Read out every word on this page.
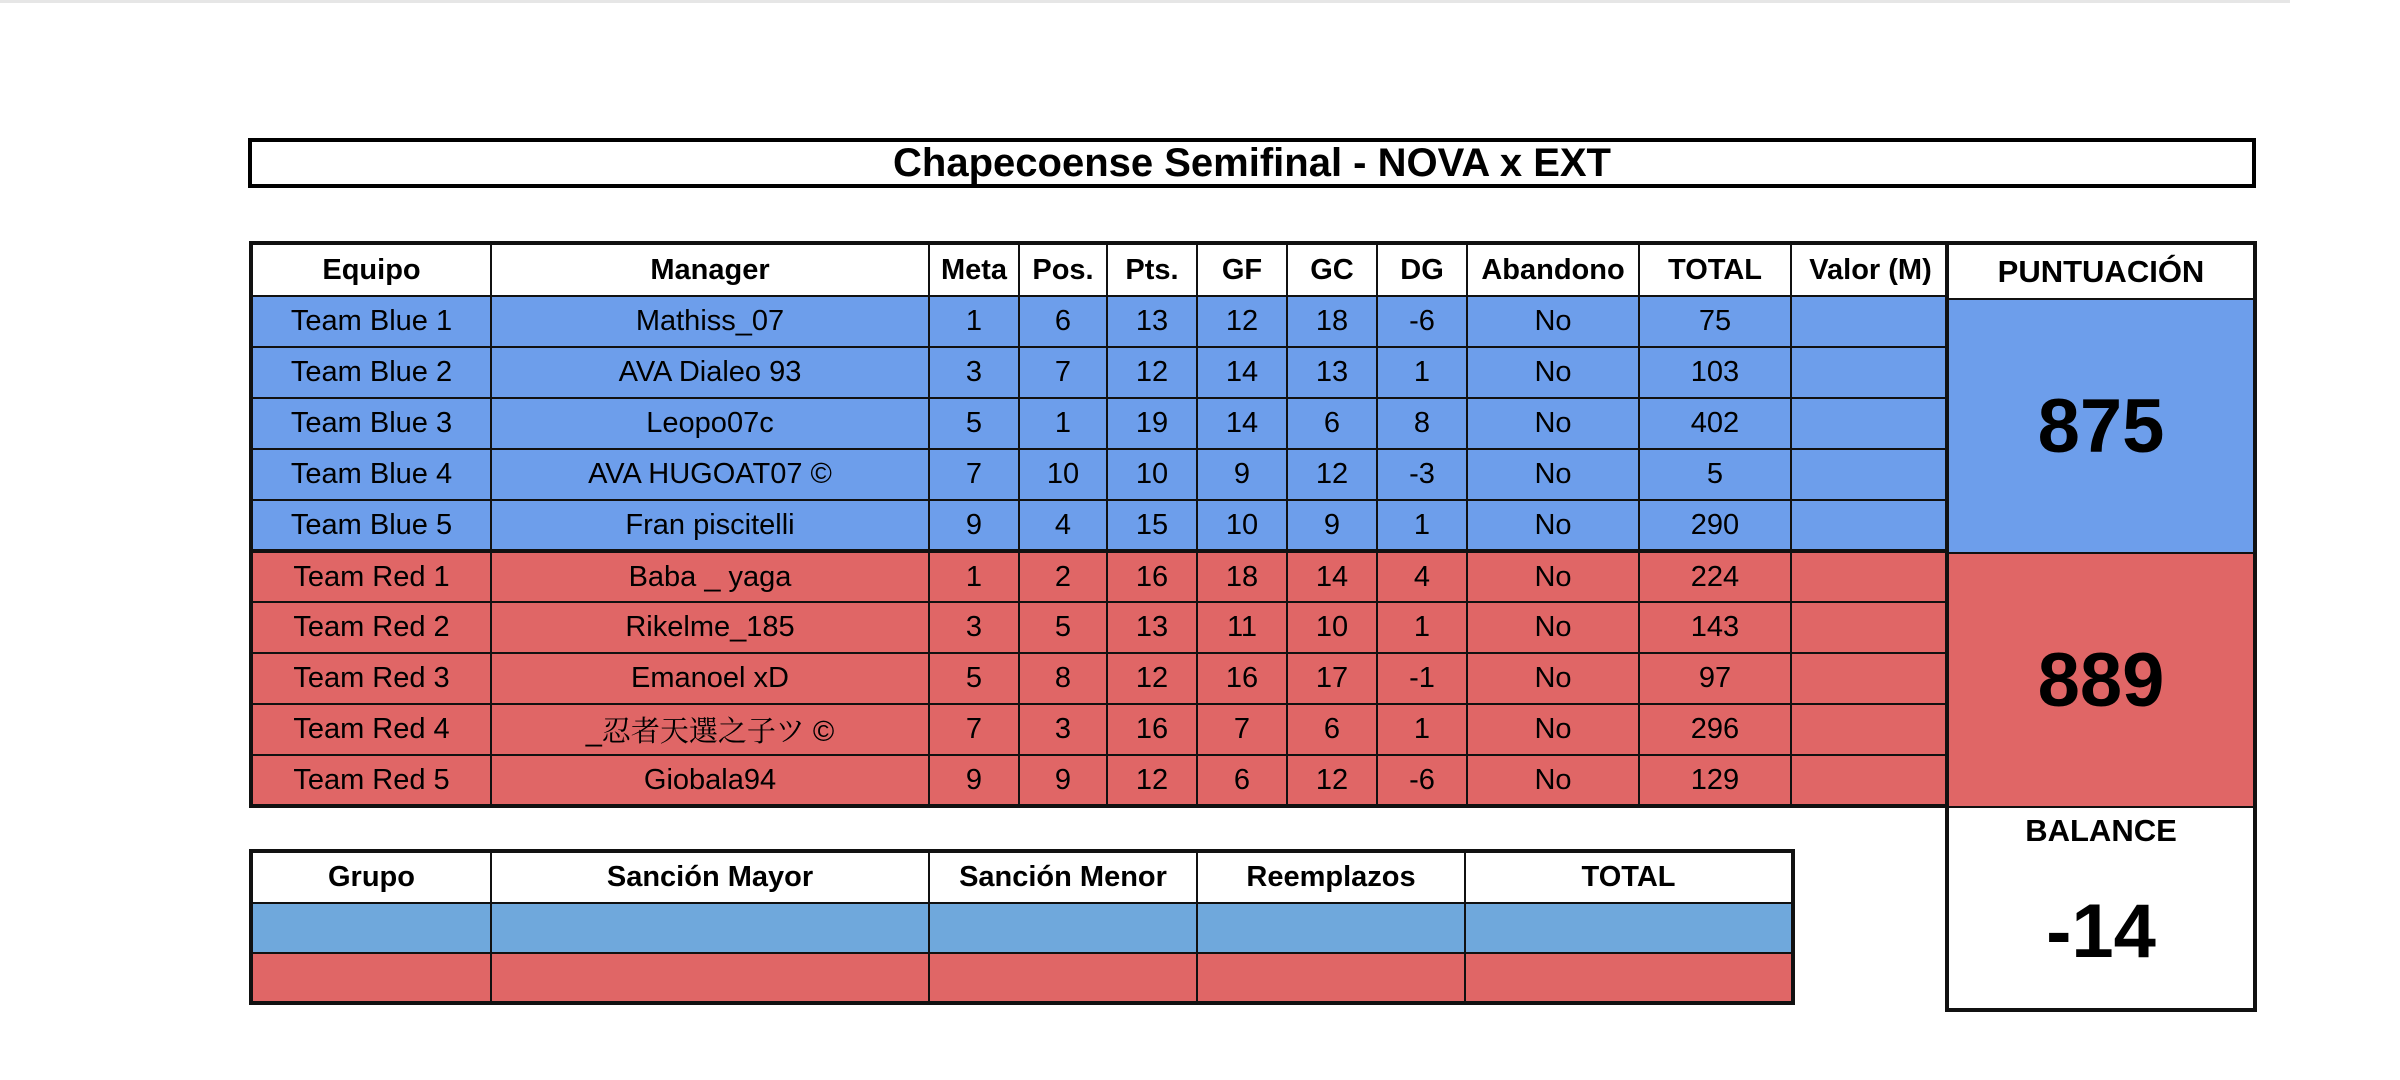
Chapecoense Semifinal - NOVA x EXT
Equipo	Manager	Meta	Pos.	Pts.	GF	GC	DG	Abandono	TOTAL	Valor (M)
Team Blue 1	Mathiss_07	1	6	13	12	18	-6	No	75	
Team Blue 2	AVA Dialeo 93	3	7	12	14	13	1	No	103	
Team Blue 3	Leopo07c	5	1	19	14	6	8	No	402	
Team Blue 4	AVA HUGOAT07 ©	7	10	10	9	12	-3	No	5	
Team Blue 5	Fran piscitelli	9	4	15	10	9	1	No	290	
Team Red 1	Baba _ yaga	1	2	16	18	14	4	No	224	
Team Red 2	Rikelme_185	3	5	13	11	10	1	No	143	
Team Red 3	Emanoel xD	5	8	12	16	17	-1	No	97	
Team Red 4	_忍者天選之子ツ ©	7	3	16	7	6	1	No	296	
Team Red 5	Giobala94	9	9	12	6	12	-6	No	129	
PUNTUACIÓN
875
889
BALANCE
-14
Grupo	Sanción Mayor	Sanción Menor	Reemplazos	TOTAL
